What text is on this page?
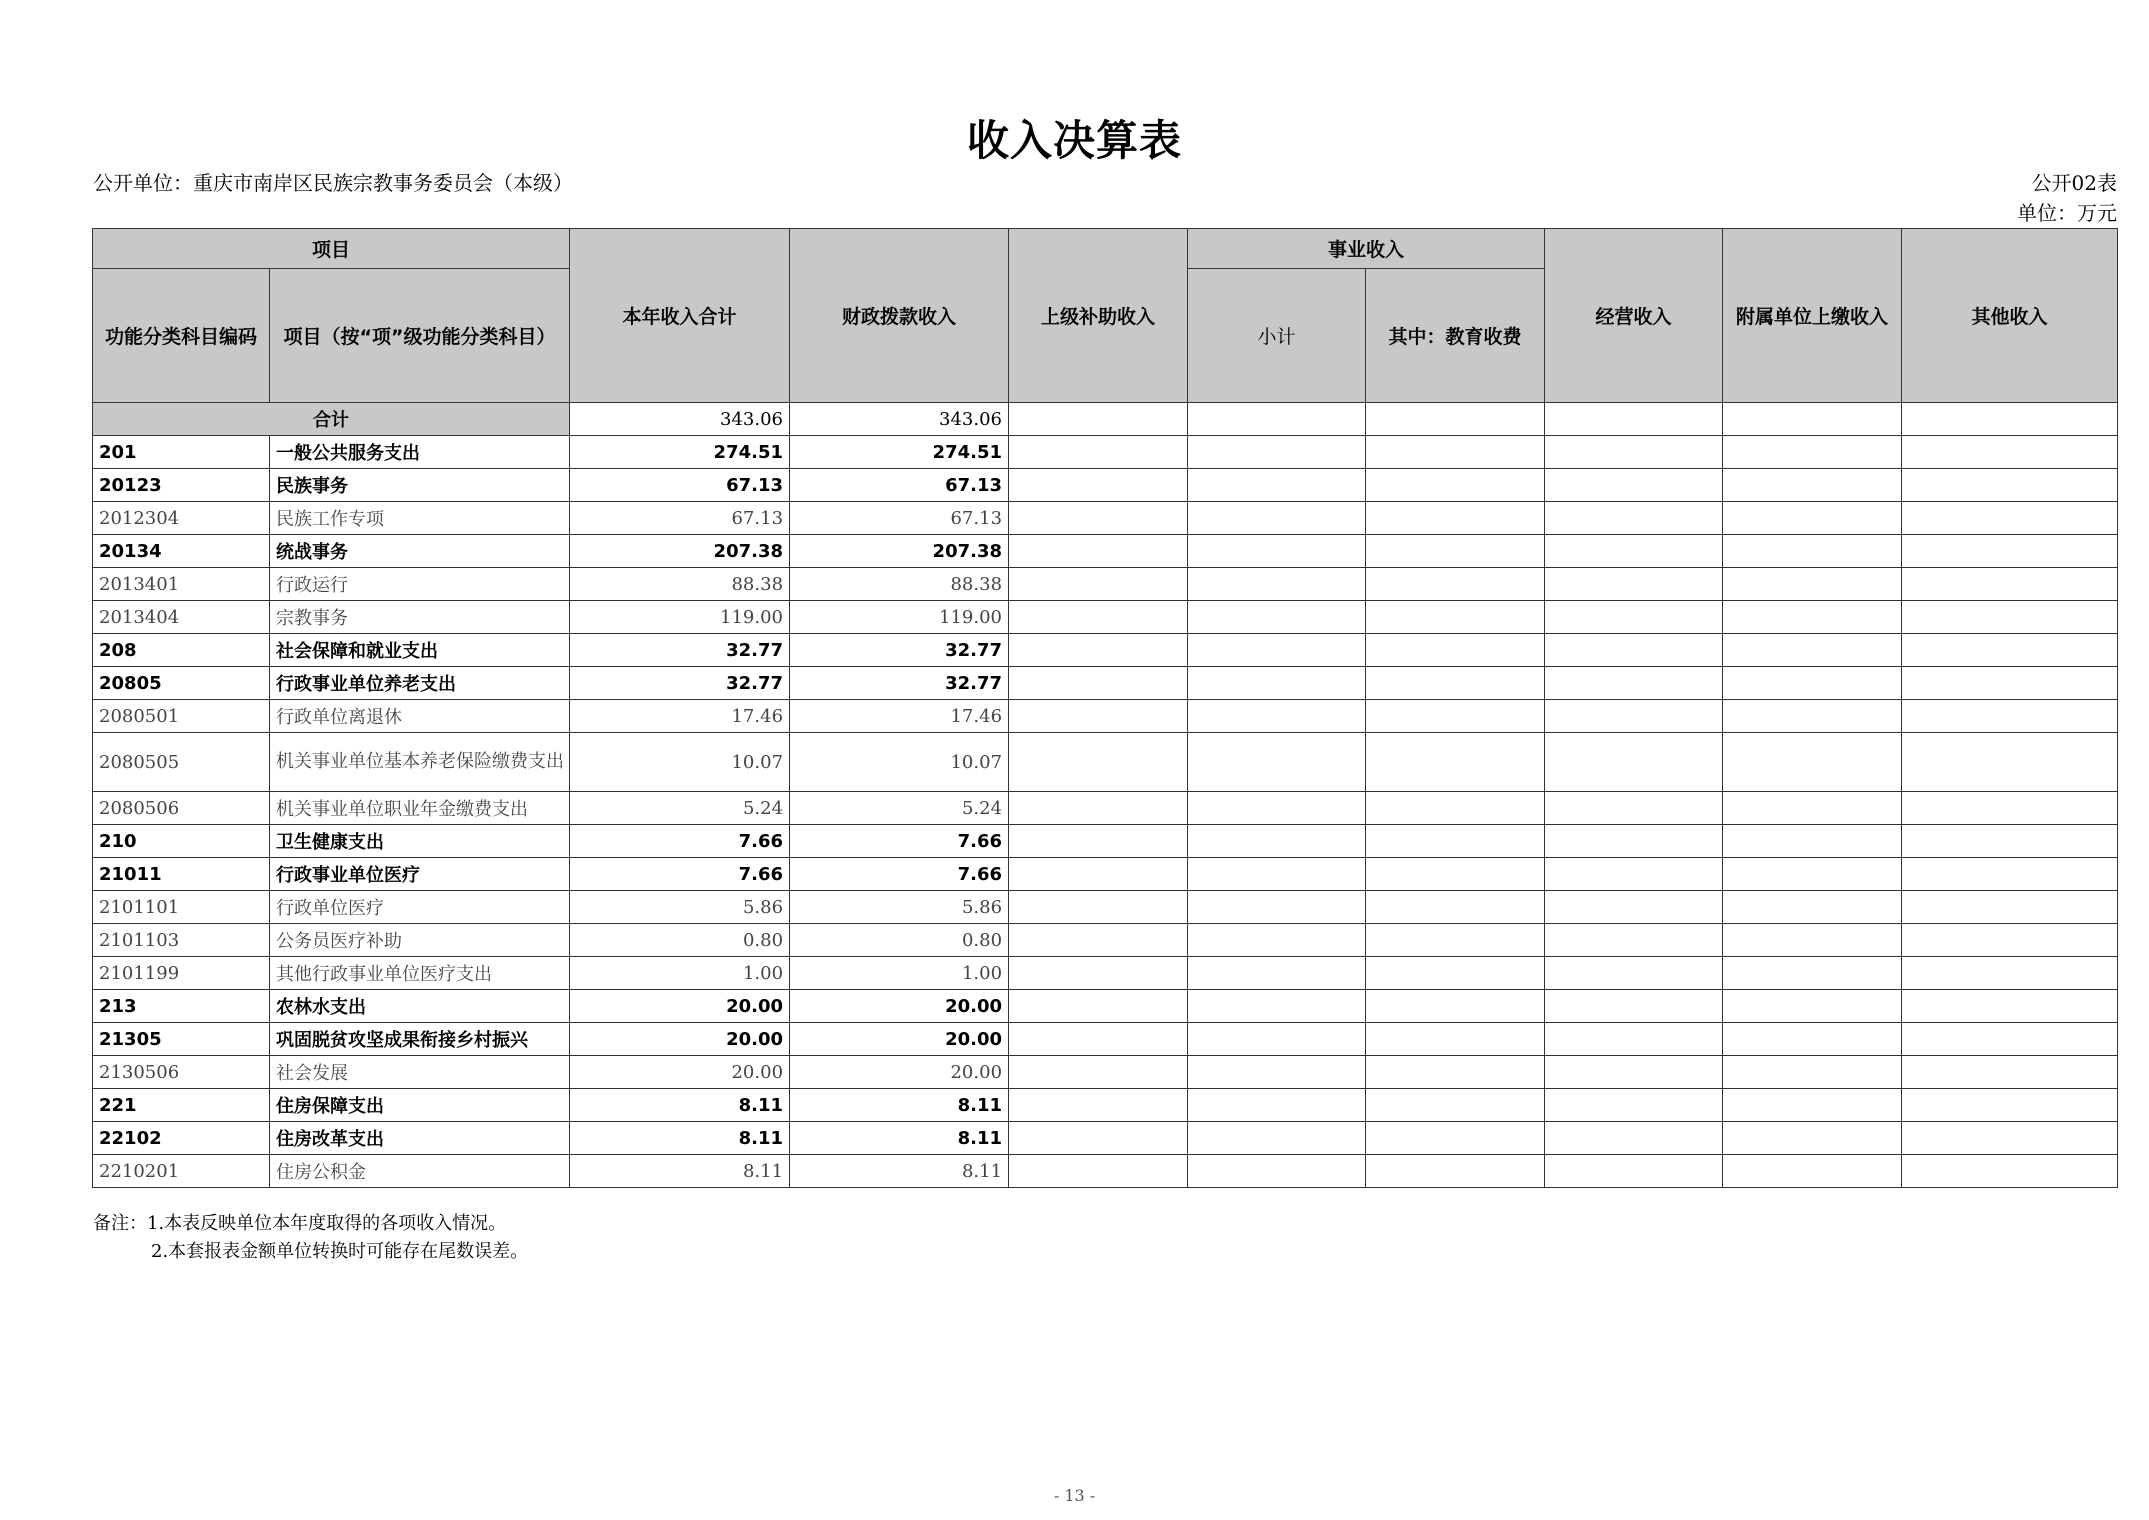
收入决算表
公开单位：重庆市南岸区民族宗教事务委员会（本级）	公开02表
单位：万元
项目		本年收入合计	财政拨款收入	上级补助收入	事业收入		经营收入	附属单位上缴收入	其他收入
功能分类科目编码	项目（按“项”级功能分类科目）				小计	其中：教育收费			
合计		343.06	343.06						
201	一般公共服务支出	274.51	274.51						
20123	民族事务	67.13	67.13						
2012304	民族工作专项	67.13	67.13						
20134	统战事务	207.38	207.38						
2013401	行政运行	88.38	88.38						
2013404	宗教事务	119.00	119.00						
208	社会保障和就业支出	32.77	32.77						
20805	行政事业单位养老支出	32.77	32.77						
2080501	行政单位离退休	17.46	17.46						
2080505	机关事业单位基本养老保险缴费支出	10.07	10.07						
2080506	机关事业单位职业年金缴费支出	5.24	5.24						
210	卫生健康支出	7.66	7.66						
21011	行政事业单位医疗	7.66	7.66						
2101101	行政单位医疗	5.86	5.86						
2101103	公务员医疗补助	0.80	0.80						
2101199	其他行政事业单位医疗支出	1.00	1.00						
213	农林水支出	20.00	20.00						
21305	巩固脱贫攻坚成果衔接乡村振兴	20.00	20.00						
2130506	社会发展	20.00	20.00						
221	住房保障支出	8.11	8.11						
22102	住房改革支出	8.11	8.11						
2210201	住房公积金	8.11	8.11						
备注：1.本表反映单位本年度取得的各项收入情况。
2.本套报表金额单位转换时可能存在尾数误差。
- 13 -
